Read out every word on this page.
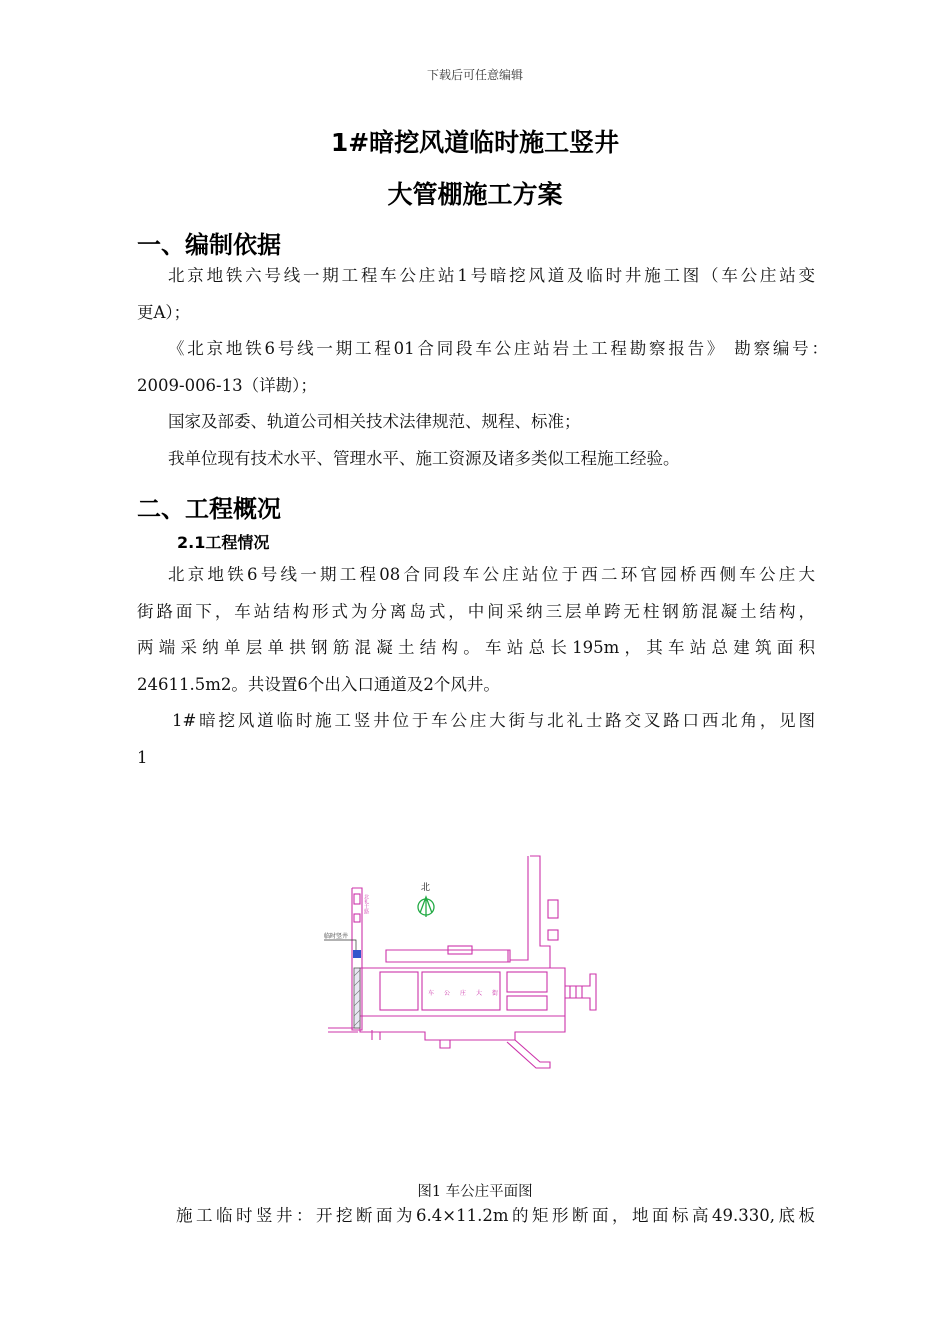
下载后可任意编辑
1#暗挖风道临时施工竖井
大管棚施工方案
一、编制依据
北京地铁六号线一期工程车公庄站1号暗挖风道及临时井施工图（车公庄站变
更A）；
《北京地铁6号线一期工程01合同段车公庄站岩土工程勘察报告》 勘察编号：
2009-006-13（详勘）；
国家及部委、轨道公司相关技术法律规范、规程、标准；
我单位现有技术水平、管理水平、施工资源及诸多类似工程施工经验。
二、工程概况
2.1工程情况
北京地铁6号线一期工程08合同段车公庄站位于西二环官园桥西侧车公庄大
街路面下，车站结构形式为分离岛式，中间采纳三层单跨无柱钢筋混凝土结构，
两端采纳单层单拱钢筋混凝土结构。车站总长195m，其车站总建筑面积
24611.5m2。共设置6个出入口通道及2个风井。
1#暗挖风道临时施工竖井位于车公庄大街与北礼士路交叉路口西北角，见图
1
临时竖井
北
北礼士路
车公庄大街
图1 车公庄平面图
施工临时竖井：开挖断面为6.4×11.2m的矩形断面，地面标高49.330,底板
